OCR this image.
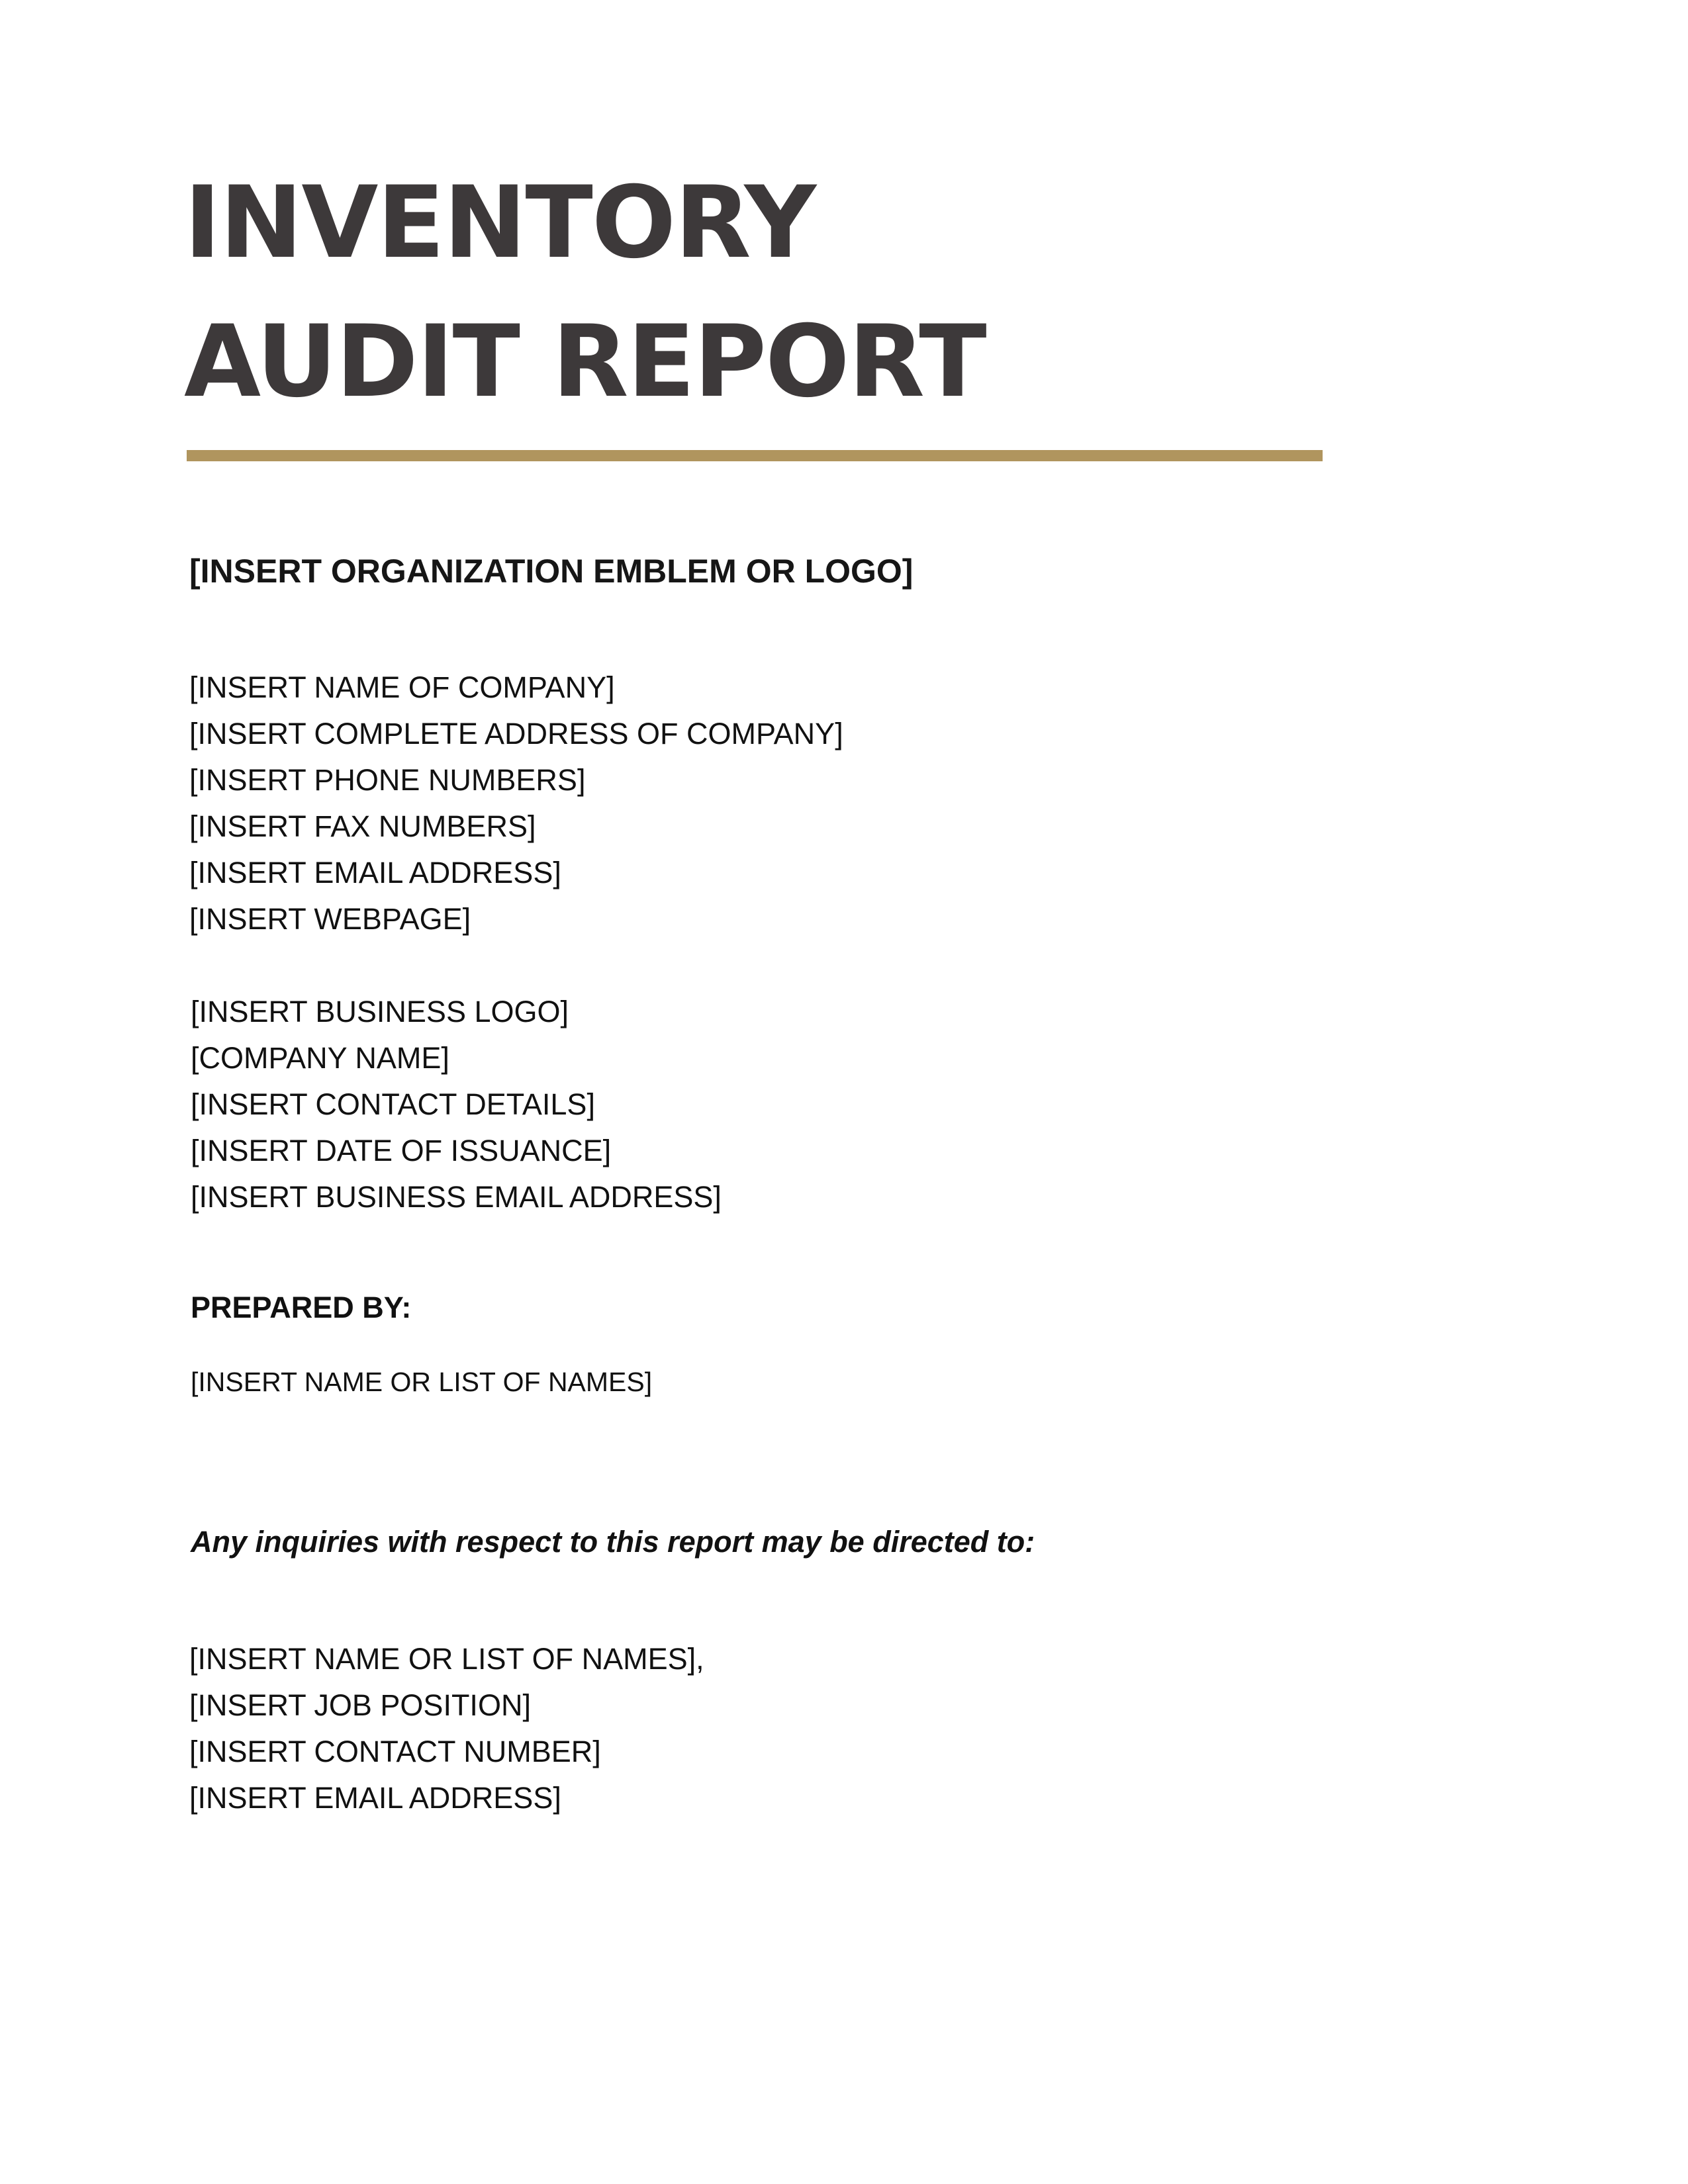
INVENTORY
AUDIT REPORT
[INSERT ORGANIZATION EMBLEM OR LOGO]
[INSERT NAME OF COMPANY]
[INSERT COMPLETE ADDRESS OF COMPANY]
[INSERT PHONE NUMBERS]
[INSERT FAX NUMBERS]
[INSERT EMAIL ADDRESS]
[INSERT WEBPAGE]
[INSERT BUSINESS LOGO]
[COMPANY NAME]
[INSERT CONTACT DETAILS]
[INSERT DATE OF ISSUANCE]
[INSERT BUSINESS EMAIL ADDRESS]
PREPARED BY:
[INSERT NAME OR LIST OF NAMES]
Any inquiries with respect to this report may be directed to:
[INSERT NAME OR LIST OF NAMES],
[INSERT JOB POSITION]
[INSERT CONTACT NUMBER]
[INSERT EMAIL ADDRESS]
